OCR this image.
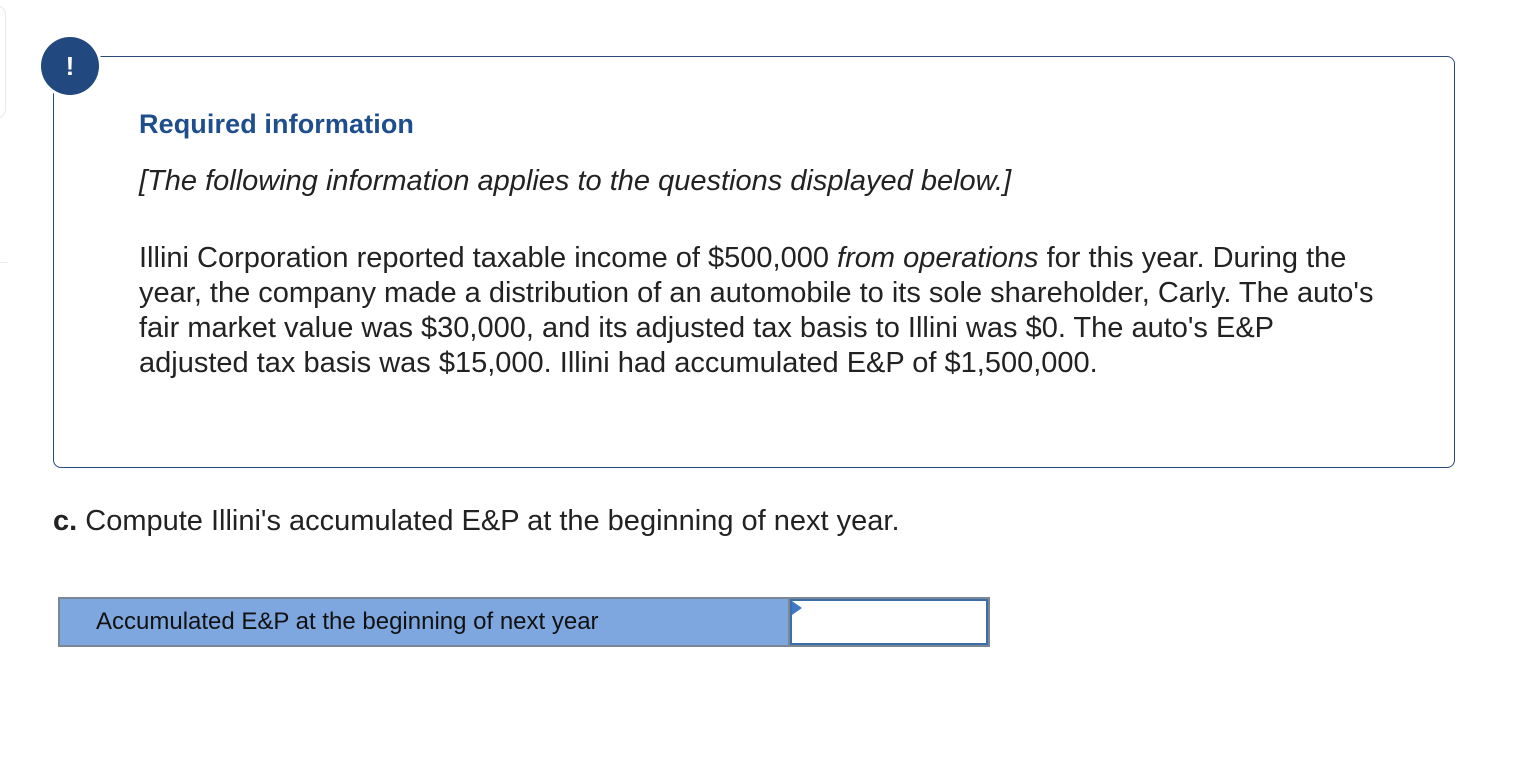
!
Required information
[The following information applies to the questions displayed below.]
Illini Corporation reported taxable income of $500,000 from operations for this year. During the year, the company made a distribution of an automobile to its sole shareholder, Carly. The auto's fair market value was $30,000, and its adjusted tax basis to Illini was $0. The auto's E&P adjusted tax basis was $15,000. Illini had accumulated E&P of $1,500,000.
c. Compute Illini's accumulated E&P at the beginning of next year.
Accumulated E&P at the beginning of next year
